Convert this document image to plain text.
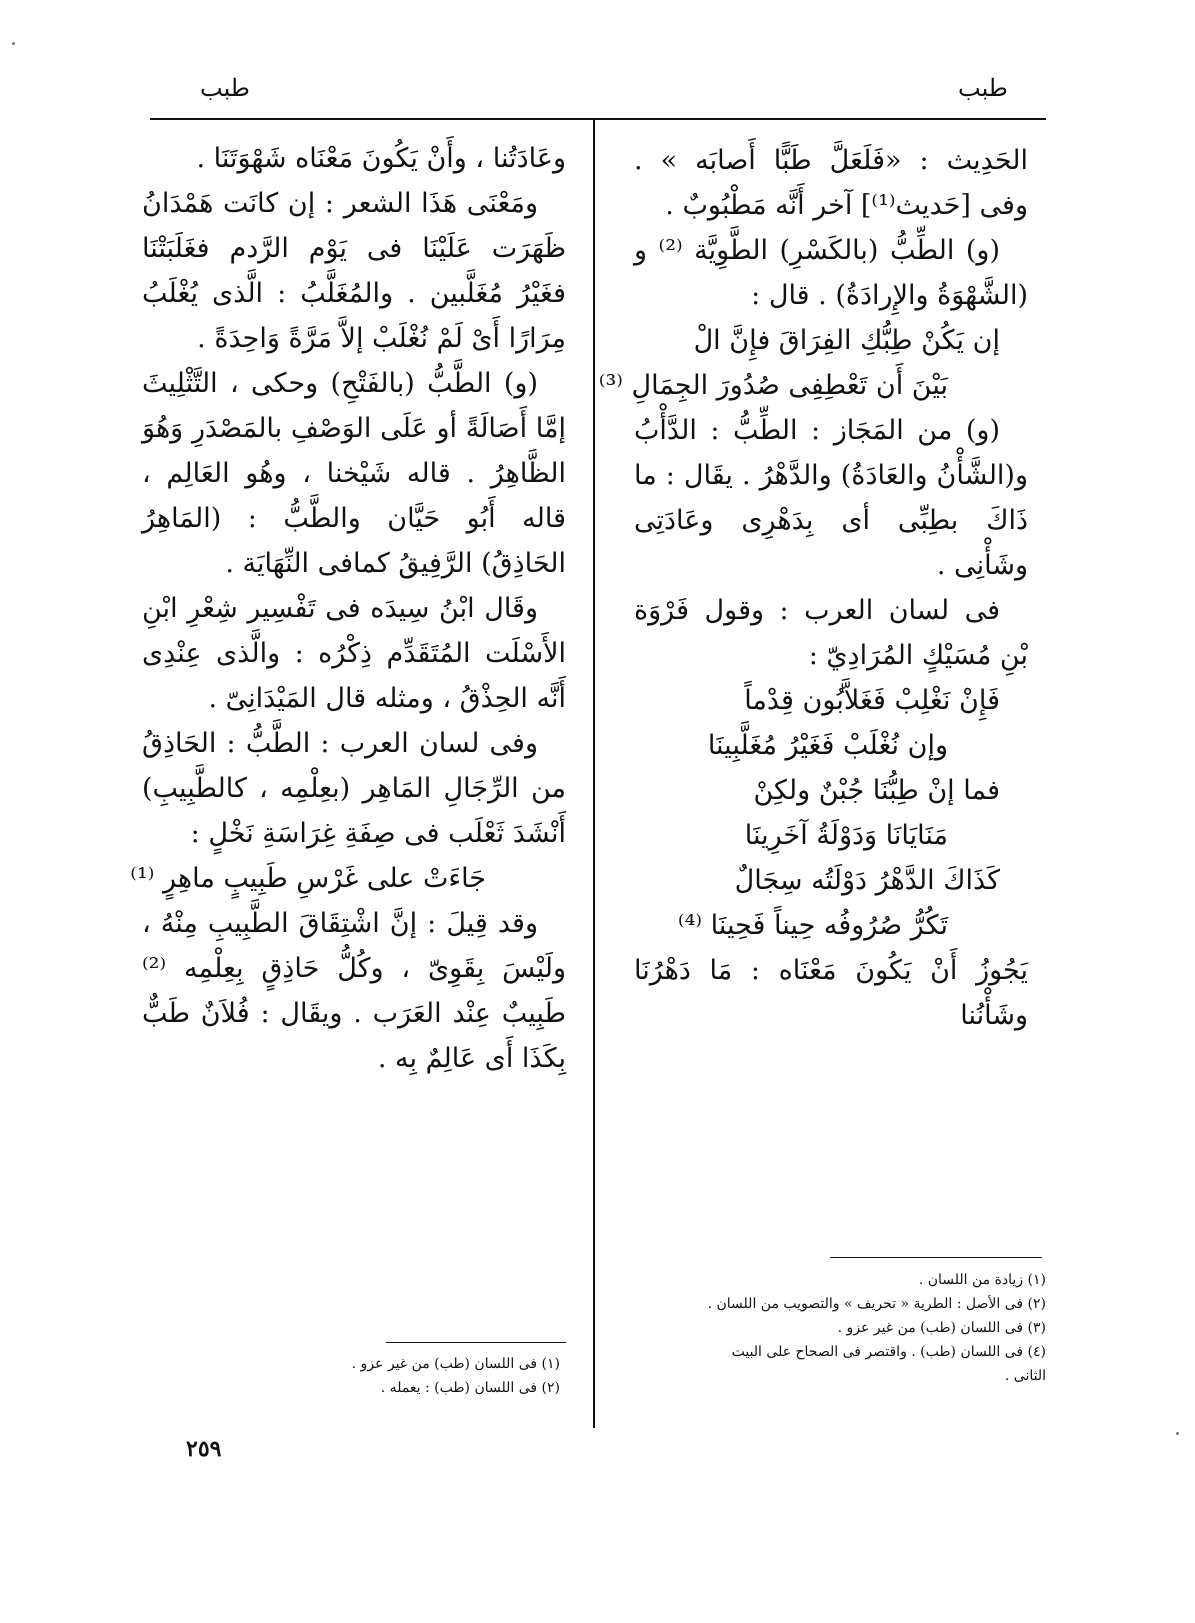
طبب
طبب

الحَدِيث : «فَلَعَلَّ طَبًّا أَصابَه » . وفى [حَديث⁽¹⁾] آخر أَنَّه مَطْبُوبٌ .

(و) الطِّبُّ (بالكَسْرِ) الطَّوِيَّة ⁽²⁾ و (الشَّهْوَةُ والإِرادَةُ) . قال :

إن يَكُنْ طِبُّكِ الفِرَاقَ فإِنَّ الْ

بَيْنَ أَن تَعْطِفِى صُدُورَ الجِمَالِ ⁽³⁾

(و) من المَجَاز : الطِّبُّ : الدَّأْبُ و(الشَّأْنُ والعَادَةُ) والدَّهْرُ . يقَال : ما ذَاكَ بطِبِّى أى بِدَهْرِى وعَادَتِى وشَأْنِى .

فى لسان العرب : وقول فَرْوَة بْنِ مُسَيْكٍ المُرَادِيّ :

فَإِنْ نَغْلِبْ فَغَلاَّبُون قِدْماً

وإن نُغْلَبْ فَغَيْرُ مُغَلَّبِينَا

فما إنْ طِبُّنَا جُبْنٌ ولكِنْ

مَنَايَانَا وَدَوْلَةُ آخَرِينَا

كَذَاكَ الدَّهْرُ دَوْلَتُه سِجَالٌ

تَكُرُّ صُرُوفُه حِيناً فَحِينَا ⁽⁴⁾

يَجُوزُ أَنْ يَكُونَ مَعْنَاه : مَا دَهْرُنَا وشَأْنُنا

وعَادَتُنا ، وأَنْ يَكُونَ مَعْنَاه شَهْوَتَنَا .

ومَعْنَى هَذَا الشعر : إن كانَت هَمْدَانُ ظَهَرَت عَلَيْنَا فى يَوْم الرَّدم فغَلَبَتْنَا فغَيْرُ مُغَلَّبين . والمُغَلَّبُ : الَّذى يُغْلَبُ مِرَارًا أَىْ لَمْ نُغْلَبْ إلاَّ مَرَّةً وَاحِدَةً .

(و) الطَّبُّ (بالفَتْحِ) وحكى ، التَّثْلِيثَ إمَّا أَصَالَةً أو عَلَى الوَصْفِ بالمَصْدَرِ وَهُوَ الظَّاهِرُ . قاله شَيْخنا ، وهُو العَالِم ، قاله أَبُو حَيَّان والطَّبُّ : (المَاهِرُ الحَاذِقُ) الرَّفِيقُ كمافى النِّهَايَة .

وقَال ابْنُ سِيدَه فى تَفْسِير شِعْرِ ابْنِ الأَسْلَت المُتَقَدِّم ذِكْرُه : والَّذى عِنْدِى أَنَّه الحِذْقُ ، ومثله قال المَيْدَانِىّ .

وفى لسان العرب : الطَّبُّ : الحَاذِقُ من الرِّجَالِ المَاهِر (بعِلْمِه ، كالطَّبِيبِ) أَنْشَدَ ثَعْلَب فى صِفَةِ غِرَاسَةِ نَخْلٍ :

جَاءَتْ على غَرْسِ طَبِيبٍ ماهِرٍ ⁽¹⁾

وقد قِيلَ : إنَّ اشْتِقَاقَ الطَّبِيبِ مِنْهُ ، ولَيْسَ بِقَوِىّ ، وكُلُّ حَاذِقٍ بِعِلْمِه ⁽²⁾ طَبِيبٌ عِنْد العَرَب . ويقَال : فُلاَنٌ طَبٌّ بِكَذَا أَى عَالِمٌ بِه .

(١) زيادة من اللسان .

(٢) فى الأصل : الطرية « تحريف » والتصويب من اللسان .

(٣) فى اللسان (طب) من غير عزو .

(٤) فى اللسان (طب) . واقتصر فى الصحاح على البيت

الثانى .

(١) فى اللسان (طب) من غير عزو .

(٢) فى اللسان (طب) : يعمله .

٢٥٩
